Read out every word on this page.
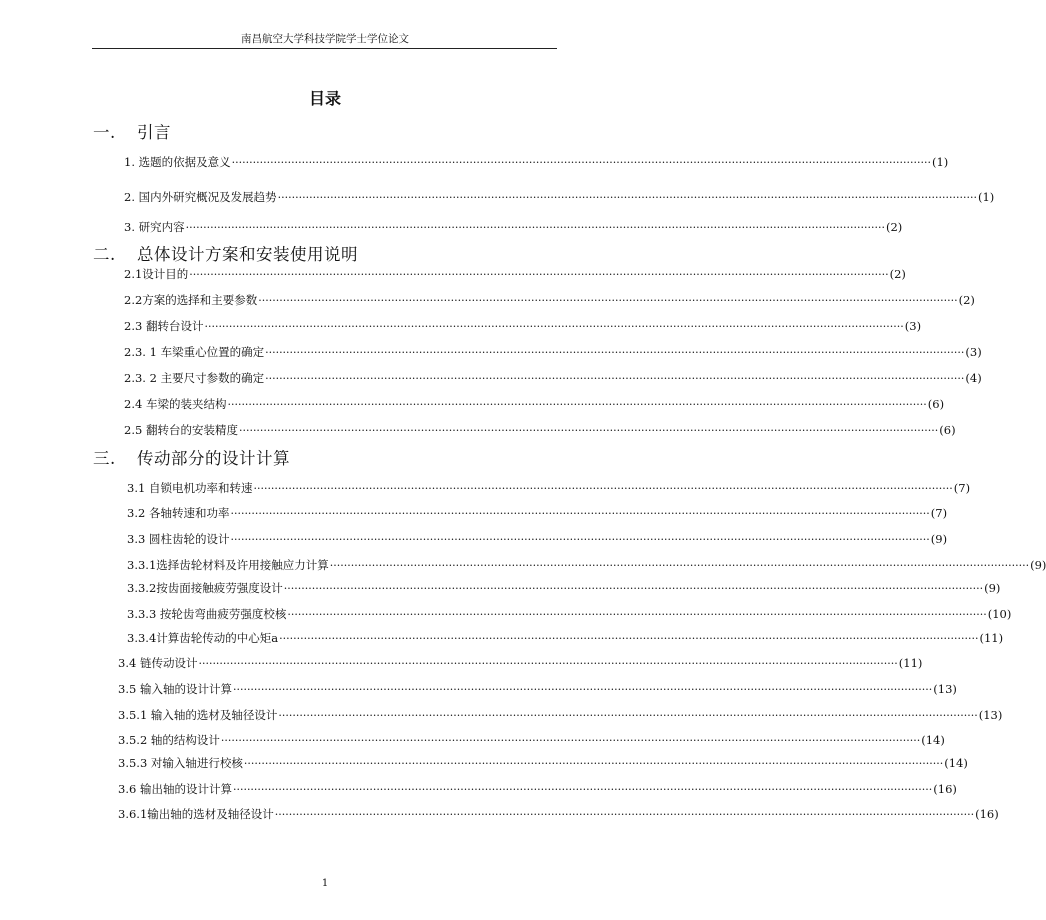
南昌航空大学科技学院学士学位论文
目录
一. 引言
二. 总体设计方案和安装使用说明
三. 传动部分的设计计算
1. 选题的依据及意义 ········································································································································································································ (1)
2. 国内外研究概况及发展趋势 ········································································································································································································ (1)
3. 研究内容 ········································································································································································································ (2)
2.1设计目的 ········································································································································································································ (2)
2.2方案的选择和主要参数 ········································································································································································································ (2)
2.3 翻转台设计 ········································································································································································································ (3)
2.3. 1 车梁重心位置的确定 ········································································································································································································ (3)
2.3. 2 主要尺寸参数的确定 ········································································································································································································ (4)
2.4 车梁的装夹结构 ········································································································································································································ (6)
2.5 翻转台的安装精度 ········································································································································································································ (6)
3.1 自锁电机功率和转速 ········································································································································································································ (7)
3.2 各轴转速和功率 ········································································································································································································ (7)
3.3 圆柱齿轮的设计 ········································································································································································································ (9)
3.3.1选择齿轮材料及许用接触应力计算 ········································································································································································································ (9)
3.3.2按齿面接触疲劳强度设计 ········································································································································································································ (9)
3.3.3 按轮齿弯曲疲劳强度校核 ········································································································································································································ (10)
3.3.4计算齿轮传动的中心矩a ········································································································································································································ (11)
3.4 链传动设计 ········································································································································································································ (11)
3.5 输入轴的设计计算 ········································································································································································································ (13)
3.5.1 输入轴的选材及轴径设计 ········································································································································································································ (13)
3.5.2 轴的结构设计 ········································································································································································································ (14)
3.5.3 对输入轴进行校核 ········································································································································································································ (14)
3.6 输出轴的设计计算 ········································································································································································································ (16)
3.6.1输出轴的选材及轴径设计 ········································································································································································································ (16)
1
